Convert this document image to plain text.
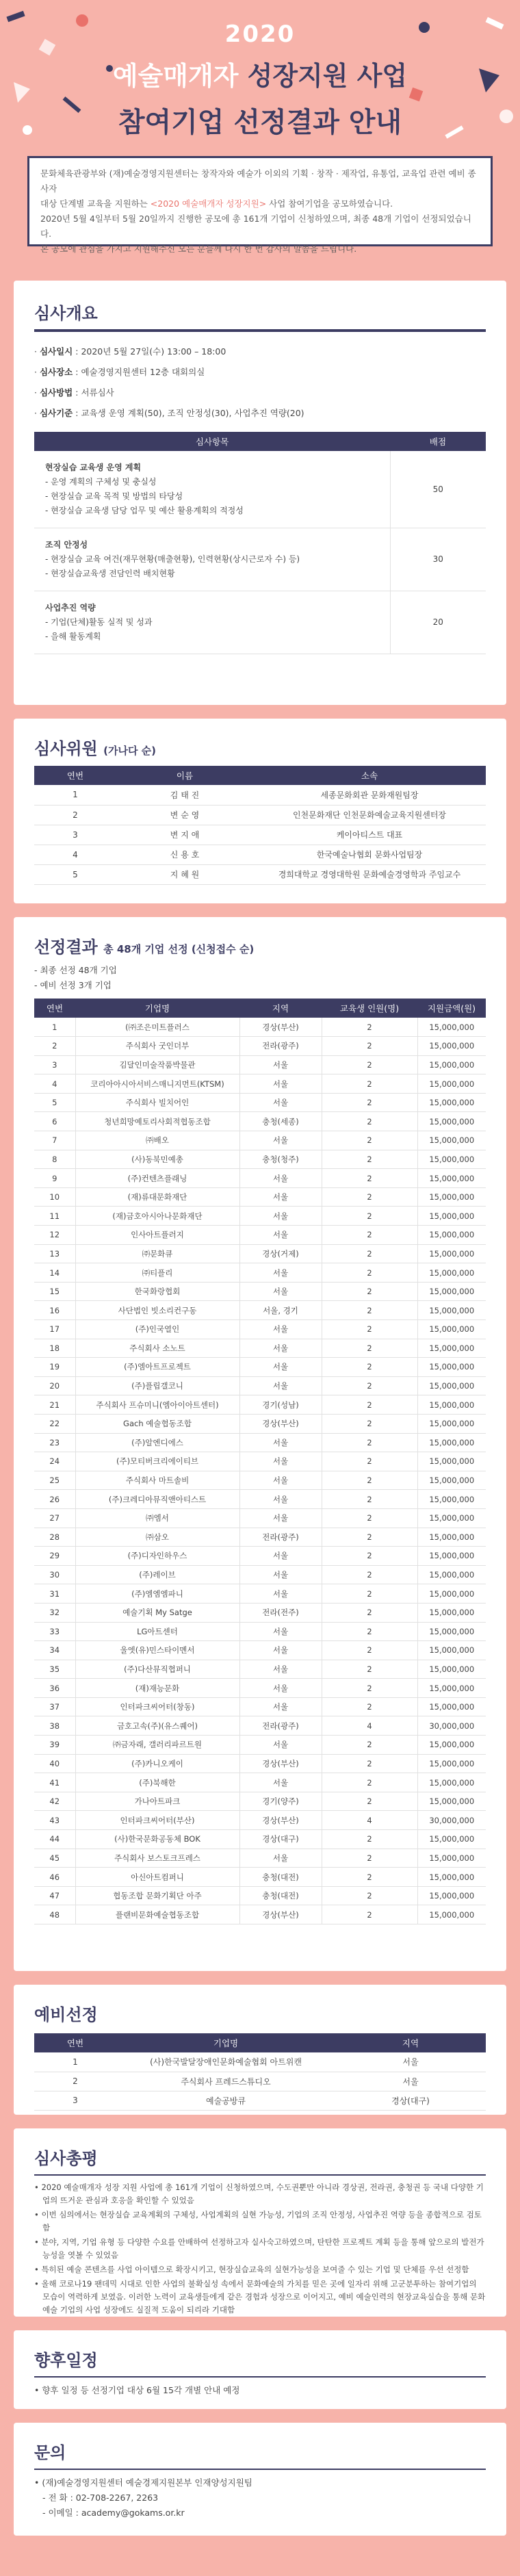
2020
예술매개자 성장지원 사업
참여기업 선정결과 안내
문화체육관광부와 (재)예술경영지원센터는 창작자와 예술가 이외의 기획 · 창작 · 제작업, 유통업, 교육업 관련 예비 종사자
대상 단계별 교육을 지원하는 <2020 예술매개자 성장지원> 사업 참여기업을 공모하였습니다.
2020년 5월 4일부터 5월 20일까지 진행한 공모에 총 161개 기업이 신청하였으며, 최종 48개 기업이 선정되었습니다.
본 공모에 관심을 가지고 지원해주신 모든 분들께 다시 한 번 감사의 말씀을 드립니다.
심사개요
· 심사일시 : 2020년 5월 27일(수) 13:00 – 18:00
· 심사장소 : 예술경영지원센터 12층 대회의실
· 심사방법 : 서류심사
· 심사기준 : 교육생 운영 계획(50), 조직 안정성(30), 사업추진 역량(20)
심사항목	배점
현장실습 교육생 운영 계획
- 운영 계획의 구체성 및 충실성
- 현장실습 교육 목적 및 방법의 타당성
- 현장실습 교육생 담당 업무 및 예산 활용계획의 적정성	50
조직 안정성
- 현장실습 교육 여건(재무현황(매출현황), 인력현황(상시근로자 수) 등)
- 현장실습교육생 전담인력 배치현황	30
사업추진 역량
- 기업(단체)활동 실적 및 성과
- 을해 활동계획	20
심사위원 (가나다 순)
연번	이름	소속
1	김 태 진	세종문화회관 문화재원팀장
2	변 순 영	인천문화재단 인천문화예술교육지원센터장
3	변 지 애	케이아티스트 대표
4	신 용 호	한국예술나협회 문화사업팀장
5	지 혜 원	경희대학교 경영대학원 문화예술경영학과 주임교수
선정결과 총 48개 기업 선정 (신청접수 순)
- 최종 선정 48개 기업
- 예비 선정 3개 기업
연번	기업명	지역	교육생 인원(명)	지원금액(원)
1	(㈜조은미트플러스	경상(부산)	2	15,000,000
2	주식회사 굿인더부	전라(광주)	2	15,000,000
3	김달인미술작품박물관	서울	2	15,000,000
4	코리아아시아서비스매니지먼트(KTSM)	서울	2	15,000,000
5	주식회사 빌치어인	서울	2	15,000,000
6	청년희망예토리사회적협동조합	충청(세종)	2	15,000,000
7	㈜배오	서울	2	15,000,000
8	(사)동북민예총	충청(청주)	2	15,000,000
9	(주)컨텐츠플래닝	서울	2	15,000,000
10	(재)류대문화재단	서울	2	15,000,000
11	(재)금호아시아나문화재단	서울	2	15,000,000
12	인사아트플러지	서울	2	15,000,000
13	㈜문화큐	경상(거제)	2	15,000,000
14	㈜티플리	서울	2	15,000,000
15	한국화랑협회	서울	2	15,000,000
16	사단법인 빗소리컨구동	서울, 경기	2	15,000,000
17	(주)인국열인	서울	2	15,000,000
18	주식회사 소노트	서울	2	15,000,000
19	(주)엠아트프로젝트	서울	2	15,000,000
20	(주)플립갤코니	서울	2	15,000,000
21	주식회사 프슈미니(엠아이아트센터)	경기(성남)	2	15,000,000
22	Gach 예술협동조합	경상(부산)	2	15,000,000
23	(주)알엔디에스	서울	2	15,000,000
24	(주)모티버크리에이티브	서울	2	15,000,000
25	주식회사 마트솔비	서울	2	15,000,000
26	(주)크레디아뮤직앤아티스트	서울	2	15,000,000
27	㈜엠서	서울	2	15,000,000
28	㈜삼오	전라(광주)	2	15,000,000
29	(주)디자인하우스	서울	2	15,000,000
30	(주)레이브	서울	2	15,000,000
31	(주)엠엠엠파니	서울	2	15,000,000
32	예술기획 My Satge	전라(전주)	2	15,000,000
33	LG아트센터	서울	2	15,000,000
34	울엣(유)민스타이멘서	서울	2	15,000,000
35	(주)다산뮤직협퍼니	서울	2	15,000,000
36	(재)재능문화	서울	2	15,000,000
37	인터파크씨어터(창동)	서울	2	15,000,000
38	금호고속(주)(유스퀘어)	전라(광주)	4	30,000,000
39	㈜금자래, 갤러리파르트원	서울	2	15,000,000
40	(주)카니오케이	경상(부산)	2	15,000,000
41	(주)북해한	서울	2	15,000,000
42	가나아트파크	경기(양주)	2	15,000,000
43	인터파크씨어터(부산)	경상(부산)	4	30,000,000
44	(사)한국문화공동체 BOK	경상(대구)	2	15,000,000
45	주식회사 보스토크프레스	서울	2	15,000,000
46	아신아트컴퍼니	충청(대전)	2	15,000,000
47	협동조합 문화기획단 아주	충청(대전)	2	15,000,000
48	플랜비문화예술협동조합	경상(부산)	2	15,000,000
예비선정
연번	기업명	지역
1	(사)한국발달장애인문화예술협회 아트위캔	서울
2	주식회사 프레드스튜디오	서울
3	예술공방큐	경상(대구)
심사총평
• 2020 예술매개자 성장 지원 사업에 총 161개 기업이 신청하였으며, 수도권뿐만 아니라 경상권, 전라권, 충청권 등 국내 다양한 기업의 뜨거운 관심과 호응을 확인할 수 있었음
• 이번 심의에서는 현장실습 교육계획의 구체성, 사업계획의 실현 가능성, 기업의 조직 안정성, 사업추진 역량 등을 종합적으로 검토함
• 분야, 지역, 기업 유형 등 다양한 수요를 안배하여 선정하고자 실사숙고하였으며, 탄탄한 프로젝트 계획 등을 통해 앞으로의 발전가능성을 엿볼 수 있었음
• 특히된 예술 콘텐츠를 사업 아이템으로 확장시키고, 현장실습교육의 실현가능성을 보여줄 수 있는 기업 및 단체를 우선 선정함
• 올해 코로나19 팬데믹 시대로 인한 사업의 불확실성 속에서 문화예술의 가치를 믿은 곳에 일자리 위해 고군분투하는 참여기업의 모습이 역력하게 보였음. 이러한 노력이 교육생들에게 같은 경험과 성장으로 이어지고, 예비 예술인력의 현장교육실습을 통해 문화예술 기업의 사업 성장에도 실질적 도움이 되리라 기대함
향후일정
• 향후 일정 등 선정기업 대상 6월 15각 개별 안내 예정
문의
• (재)예술경영지원센터 예술경제지원본부 인재양성지원팀
- 전 화 : 02-708-2267, 2263
- 이메일 : academy@gokams.or.kr
